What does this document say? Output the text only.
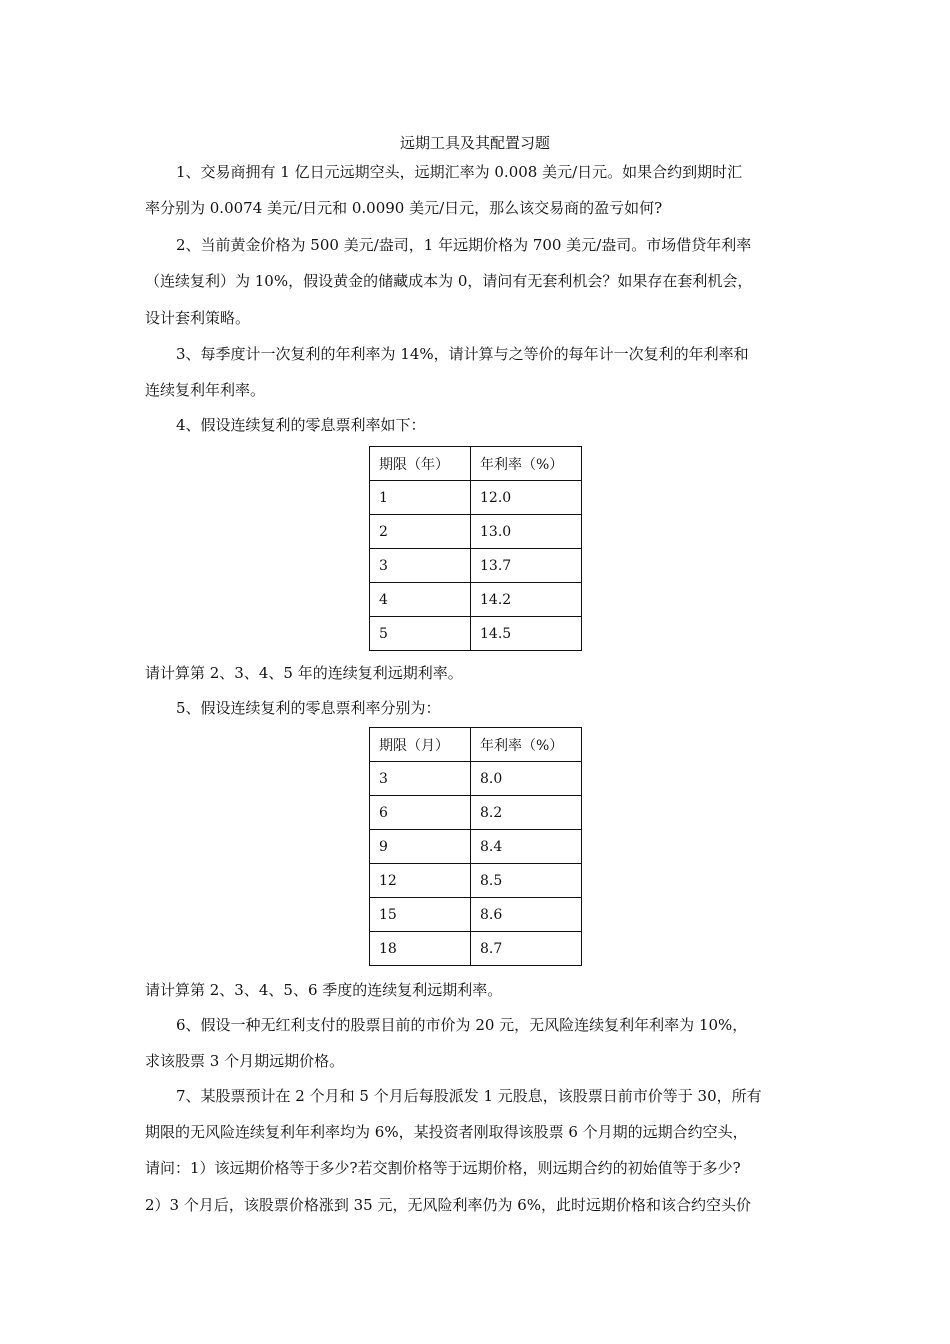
远期工具及其配置习题
1、交易商拥有 1 亿日元远期空头，远期汇率为 0.008 美元/日元。如果合约到期时汇
率分别为 0.0074 美元/日元和 0.0090 美元/日元，那么该交易商的盈亏如何?
2、当前黄金价格为 500 美元/盎司，1 年远期价格为 700 美元/盎司。市场借贷年利率
（连续复利）为 10%，假设黄金的储藏成本为 0，请问有无套利机会？如果存在套利机会，
设计套利策略。
3、每季度计一次复利的年利率为 14%，请计算与之等价的每年计一次复利的年利率和
连续复利年利率。
4、假设连续复利的零息票利率如下：
期限（年）	年利率（%）
1	12.0
2	13.0
3	13.7
4	14.2
5	14.5
请计算第 2、3、4、5 年的连续复利远期利率。
5、假设连续复利的零息票利率分别为：
期限（月）	年利率（%）
3	8.0
6	8.2
9	8.4
12	8.5
15	8.6
18	8.7
请计算第 2、3、4、5、6 季度的连续复利远期利率。
6、假设一种无红利支付的股票目前的市价为 20 元，无风险连续复利年利率为 10%，
求该股票 3 个月期远期价格。
7、某股票预计在 2 个月和 5 个月后每股派发 1 元股息，该股票日前市价等于 30，所有
期限的无风险连续复利年利率均为 6%，某投资者刚取得该股票 6 个月期的远期合约空头，
请问：1）该远期价格等于多少?若交割价格等于远期价格，则远期合约的初始值等于多少?
2）3 个月后，该股票价格涨到 35 元，无风险利率仍为 6%，此时远期价格和该合约空头价
